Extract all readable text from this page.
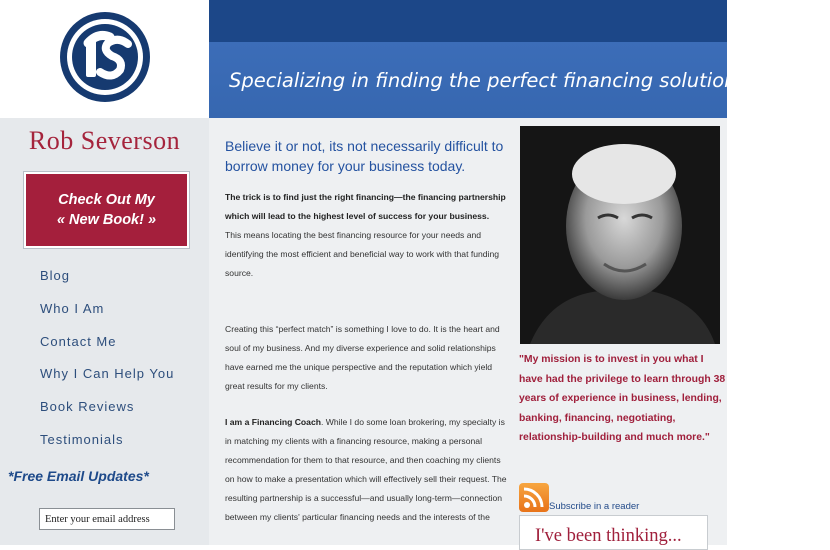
Specializing in finding the perfect financing solution for you a
Rob Severson
Check Out My
« New Book! »
Blog
Who I Am
Contact Me
Why I Can Help You
Book Reviews
Testimonials
*Free Email Updates*
Enter your email address
Believe it or not, its not necessarily difficult to borrow money for your business today.
The trick is to find just the right financing—the financing partnership which will lead to the highest level of success for your business.
This means locating the best financing resource for your needs and identifying the most efficient and beneficial way to work with that funding source.
Creating this “perfect match” is something I love to do. It is the heart and soul of my business. And my diverse experience and solid relationships have earned me the unique perspective and the reputation which yield great results for my clients.
I am a Financing Coach. While I do some loan brokering, my specialty is in matching my clients with a financing resource, making a personal recommendation for them to that resource, and then coaching my clients on how to make a presentation which will effectively sell their request. The resulting partnership is a successful—and usually long-term—connection between my clients' particular financing needs and the interests of the
"My mission is to invest in you what I have had the privilege to learn through 38 years of experience in business, lending, banking, financing, negotiating, relationship-building and much more."
Subscribe in a reader
I've been thinking...
